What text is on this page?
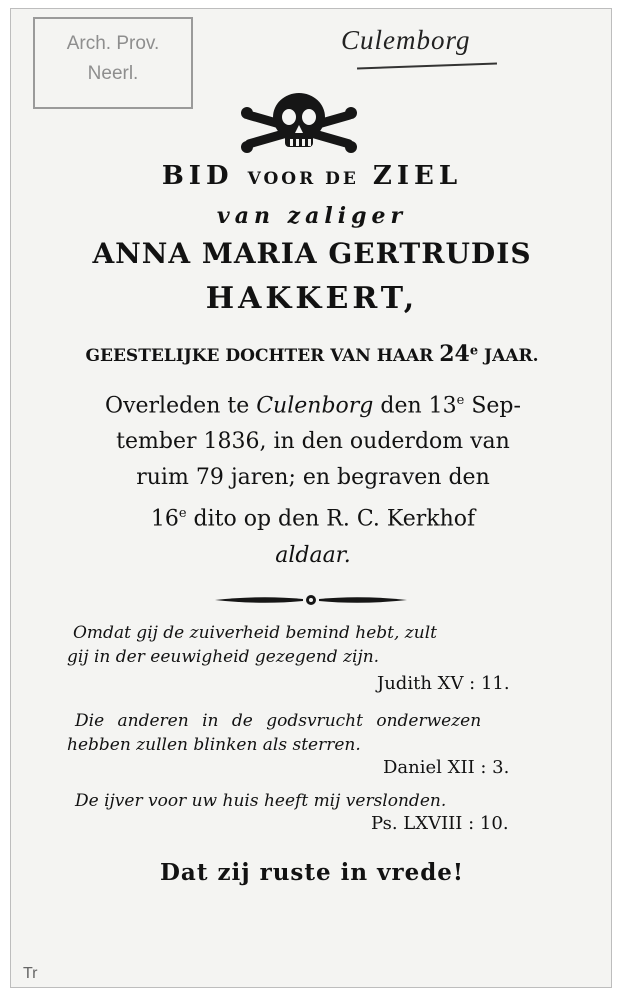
Arch. Prov.
Neerl.
Culemborg
BID VOOR DE ZIEL
van zaliger
ANNA MARIA GERTRUDIS
HAKKERT,
GEESTELIJKE DOCHTER VAN HAAR 24e JAAR.
Overleden te Culenborg den 13e Sep-
tember 1836, in den ouderdom van
ruim 79 jaren; en begraven den
16e dito op den R. C. Kerkhof
aldaar.
Omdat gij de zuiverheid bemind hebt, zult
gij in der eeuwigheid gezegend zijn.
Judith XV : 11.
Die anderen in de godsvrucht onderwezen
hebben zullen blinken als sterren.
Daniel XII : 3.
De ijver voor uw huis heeft mij verslonden.
Ps. LXVIII : 10.
Dat zij ruste in vrede!
Tr
